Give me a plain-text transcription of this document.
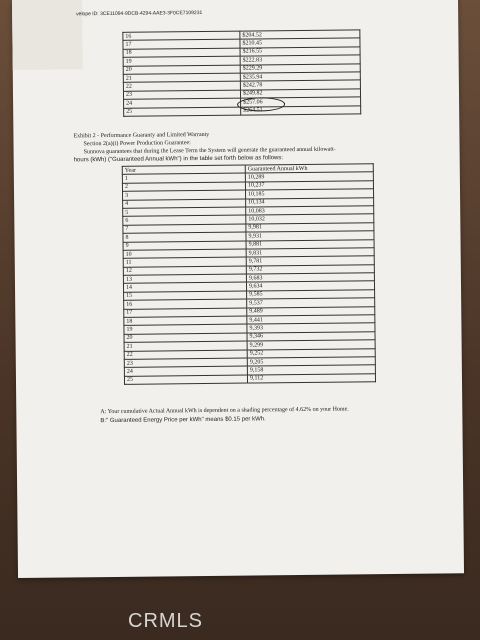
velope ID: 3CE11094-9DCB-4294-AAE3-3F0CE7109231
16	$204.52
17	$210.45
18	$216.55
19	$222.83
20	$229.29
21	$235.94
22	$242.78
23	$249.82
24	$257.06
25	$264.51
Exhibit 2 - Performance Guaranty and Limited Warranty
Section 2(a)(i) Power Production Guarantee:
Sunnova guarantees that during the Lease Term the System will generate the guaranteed annual kilowatt-
hours (kWh) ("Guaranteed Annual kWh") in the table set forth below as follows:
Year	Guaranteed Annual kWh
1	10,289
2	10,237
3	10,185
4	10,134
5	10,083
6	10,032
7	9,981
8	9,931
9	9,881
10	9,831
11	9,781
12	9,732
13	9,683
14	9,634
15	9,585
16	9,537
17	9,489
18	9,441
19	9,393
20	9,346
21	9,299
22	9,252
23	9,205
24	9,158
25	9,112
A: Your cumulative Actual Annual kWh is dependent on a shading percentage of 4.62% on your Home.
B:" Guaranteed Energy Price per kWh" means $0.15 per kWh.
CRMLS
